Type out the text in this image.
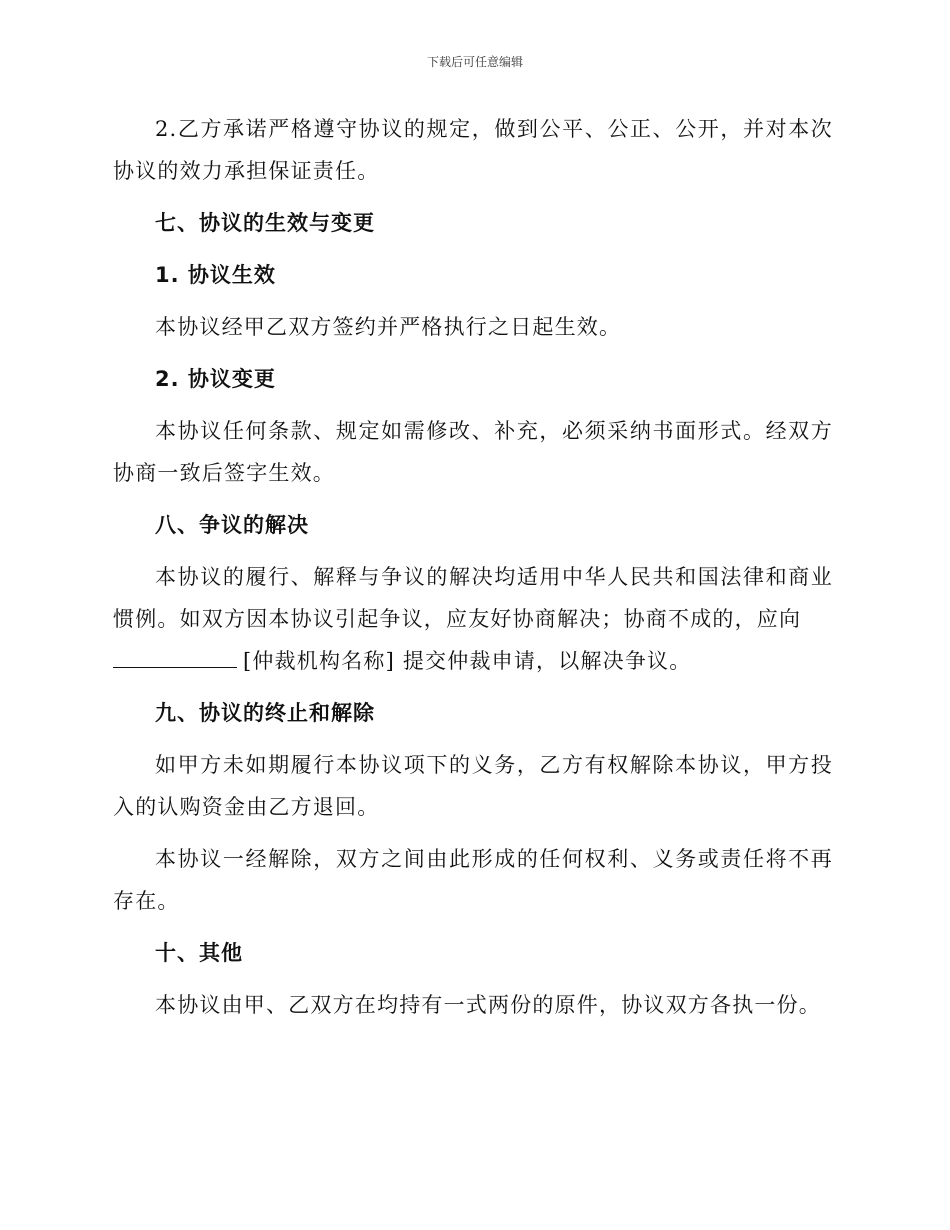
下载后可任意编辑

2.乙方承诺严格遵守协议的规定，做到公平、公正、公开，并对本次协议的效力承担保证责任。

七、协议的生效与变更
1. 协议生效

本协议经甲乙双方签约并严格执行之日起生效。

2. 协议变更

本协议任何条款、规定如需修改、补充，必须采纳书面形式。经双方协商一致后签字生效。

八、争议的解决

本协议的履行、解释与争议的解决均适用中华人民共和国法律和商业惯例。如双方因本协议引起争议，应友好协商解决；协商不成的，应向

[仲裁机构名称] 提交仲裁申请，以解决争议。

九、协议的终止和解除

如甲方未如期履行本协议项下的义务，乙方有权解除本协议，甲方投入的认购资金由乙方退回。

本协议一经解除，双方之间由此形成的任何权利、义务或责任将不再存在。

十、其他

本协议由甲、乙双方在均持有一式两份的原件，协议双方各执一份。
